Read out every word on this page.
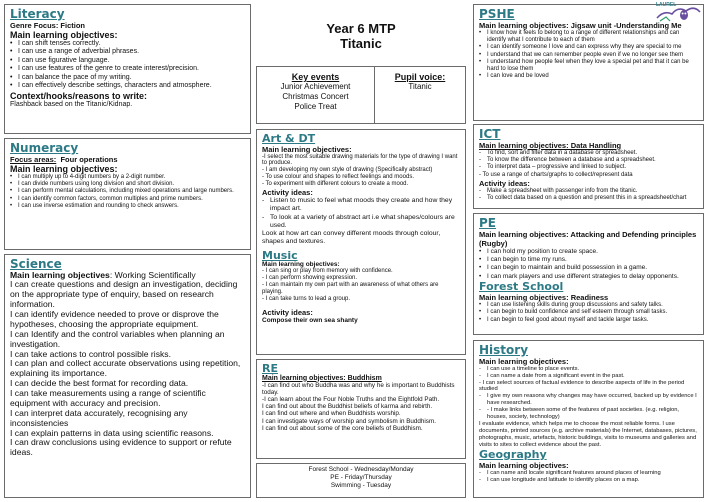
Literacy
Genre Focus: Fiction
Main learning objectives:
• I can shift tenses correctly.
• I can use a range of adverbial phrases.
• I can use figurative language.
• I can use features of the genre to create interest/precision.
• I can balance the pace of my writing.
• I can effectively describe settings, characters and atmosphere.
Context/hooks/reasons to write:
Flashback based on the Titanic/Kidnap.
Numeracy
Focus areas:  Four operations
Main learning objectives:
• I can multiply up to 4-digit numbers by a 2-digit number.
• I can divide numbers using long division and short division.
• I can perform mental calculations, including mixed operations and large numbers.
• I can identify common factors, common multiples and prime numbers.
• I can use inverse estimation and rounding to check answers.
Science

Main learning objectives: Working Scientifically

I can create questions and design an investigation, deciding on the appropriate type of enquiry, based on research information.

I can identify evidence needed to prove or disprove the hypotheses, choosing the appropriate equipment.

I can Identify and the control variables when planning an investigation.

I can take actions to control possible risks.

I can plan and collect accurate observations using repetition, explaining its importance.

I can decide the best format for recording data.

I can take measurements using a range of scientific equipment with accuracy and precision.

I can interpret data accurately, recognising any inconsistencies

I can explain patterns in data using scientific reasons.

I can draw conclusions using evidence to support or refute ideas.

Year 6 MTP
Titanic
Key events
Junior Achievement
Christmas Concert
Police Treat
Pupil voice:
Titanic
Art & DT
Main learning objectives:

-I select the most suitable drawing materials for the type of drawing I want to produce.

- I am developing my own style of drawing (Specifically abstract)

- To use colour and shapes to reflect feelings and moods.

- To experiment with different colours to create a mood.

Activity ideas:
- Listen to music to feel what moods they create and how they impact art.
- To look at a variety of abstract art i.e what shapes/colours are used.

Look at how art can convey different moods through colour, shapes and textures.

Music
Main learning objectives:

- I can sing or play from memory with confidence.

- I can perform showing expression.

- I can maintain my own part with an awareness of what others are playing.

- I can take turns to lead a group.

Activity ideas:
Compose their own sea shanty
RE
Main learning objectives: Buddhism

-I can find out who Buddha was and why he is important to Buddhists today.

-I can learn about the Four Noble Truths and the Eightfold Path.

I can find out about the Buddhist beliefs of karma and rebirth.

I can find out where and when Buddhists worship.

I can investigate ways of worship and symbolism in Buddhism.

I can find out about some of the core beliefs of Buddhism.

Forest School - Wednesday/Monday
PE - Friday/Thursday
Swimming - Tuesday
PSHE
Main learning objectives: Jigsaw unit -Understanding Me
• I know how it feels to belong to a range of different relationships and can identify what I contribute to each of them
• I can identify someone I love and can express why they are special to me
• I understand that we can remember people even if we no longer see them
• I understand how people feel when they love a special pet and that it can be hard to lose them
• I can love and be loved
LAUREL
ICT
Main learning objectives: Data Handling
- To find, sort and filter data in a database or spreadsheet.
- To know the difference between a database and a spreadsheet.
- To interpret data – progressive and linked to subject.
- To use a range of charts/graphs to collect/represent data
Activity ideas:
- Make a spreadsheet with passenger info from the titanic.
- To collect data based on a question and present this in a spreadsheet/chart
PE
Main learning objectives: Attacking and Defending principles (Rugby)
• I can hold my position to create space.
• I can begin to time my runs.
• I can begin to maintain and build possession in a game.
• I can mark players and use different strategies to delay opponents.
Forest School
Main learning objectives: Readiness
• I can use listening skills during group discussions and safety talks.
• I can begin to build confidence and self esteem through small tasks.
• I can begin to feel good about myself and tackle larger tasks.
History
Main learning objectives:
- I can use a timeline to place events.
- I can name a date from a significant event in the past.
- I can select sources of factual evidence to describe aspects of life in the period studied
- I give my own reasons why changes may have occurred, backed up by evidence I have researched.
- - I make links between some of the features of past societies. (e.g. religion, houses, society, technology)
I evaluate evidence, which helps me to choose the most reliable forms. I use documents, printed sources (e.g. archive materials) the Internet, databases, pictures, photographs, music, artefacts, historic buildings, visits to museums and galleries and visits to sites to collect evidence about the past.
Geography
Main learning objectives:
- I can name and locate significant features around places of learning
- I can use longitude and latitude to identify places on a map.
